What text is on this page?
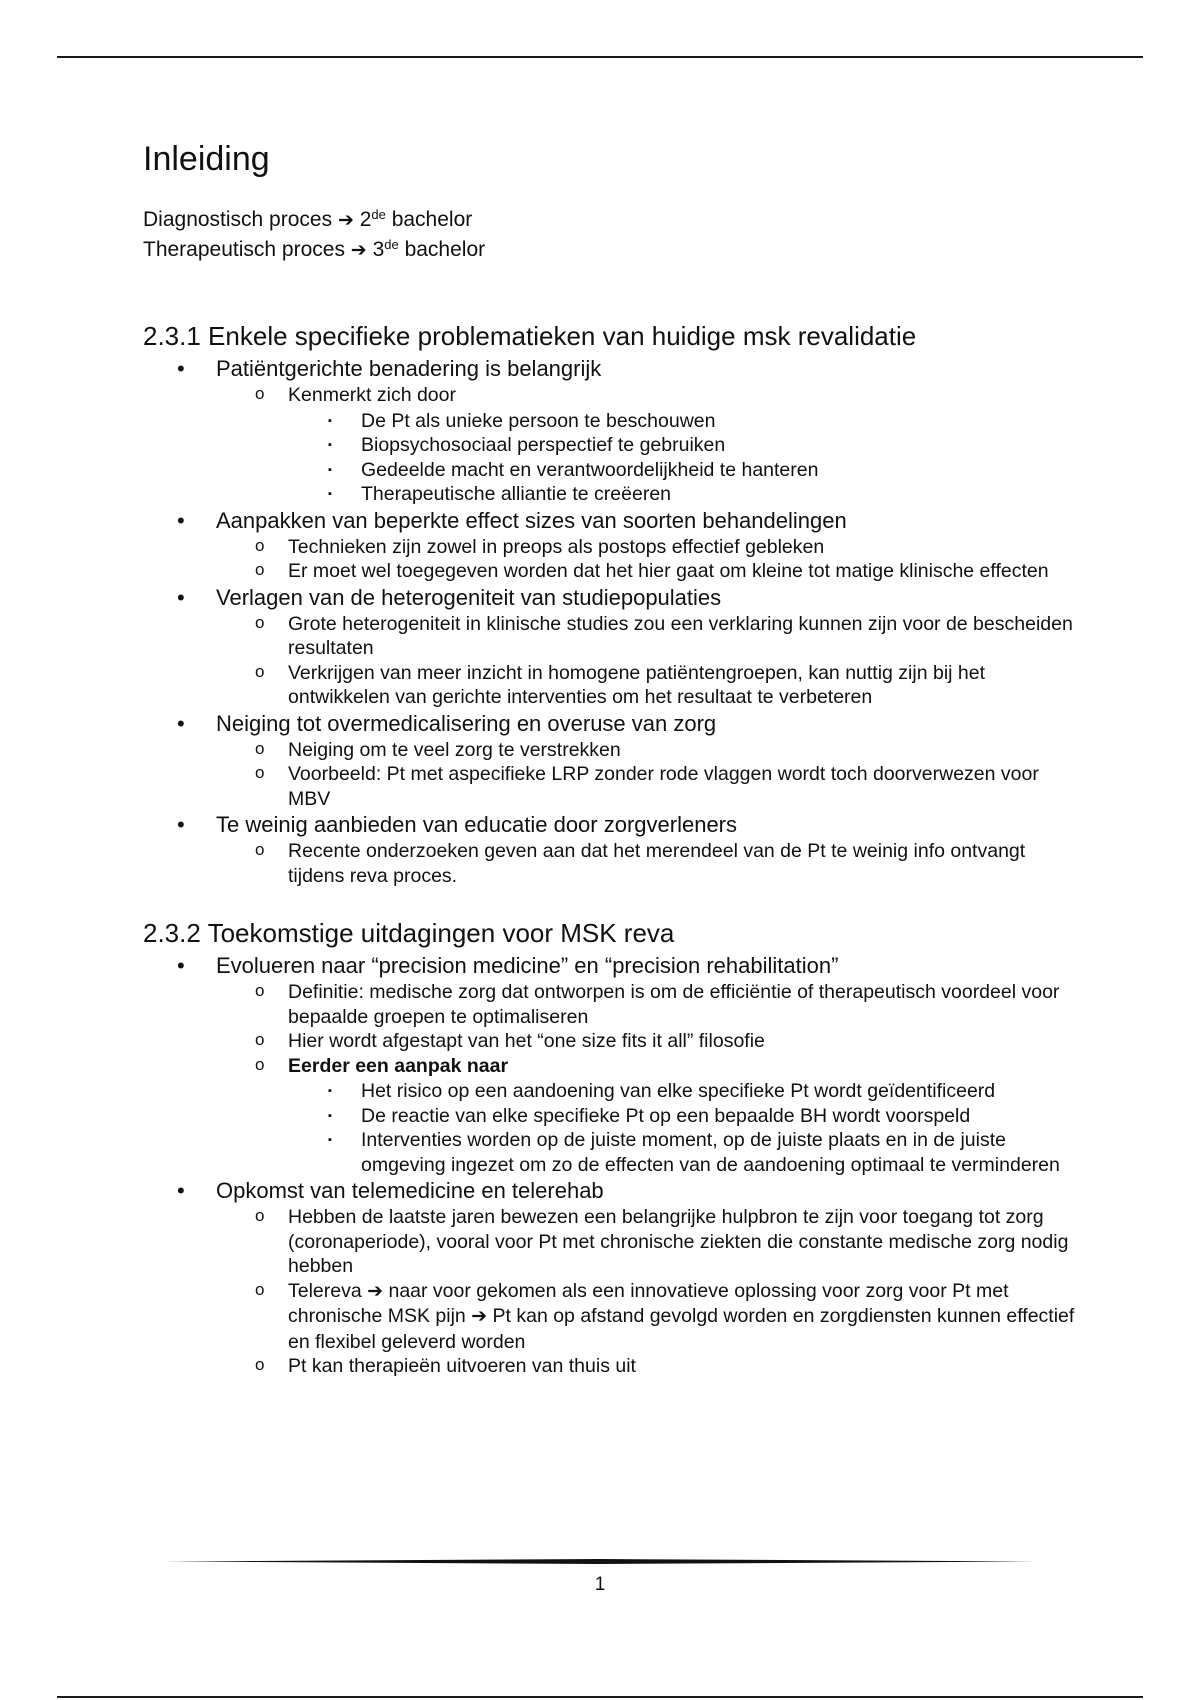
Inleiding

Diagnostisch proces ➔ 2de bachelor

Therapeutisch proces ➔ 3de bachelor

2.3.1 Enkele specifieke problematieken van huidige msk revalidatie
• Patiëntgerichte benadering is belangrijk
o Kenmerkt zich door
▪ De Pt als unieke persoon te beschouwen
▪ Biopsychosociaal perspectief te gebruiken
▪ Gedeelde macht en verantwoordelijkheid te hanteren
▪ Therapeutische alliantie te creëeren
• Aanpakken van beperkte effect sizes van soorten behandelingen
o Technieken zijn zowel in preops als postops effectief gebleken
o Er moet wel toegegeven worden dat het hier gaat om kleine tot matige klinische effecten
• Verlagen van de heterogeniteit van studiepopulaties
o Grote heterogeniteit in klinische studies zou een verklaring kunnen zijn voor de bescheiden resultaten
o Verkrijgen van meer inzicht in homogene patiëntengroepen, kan nuttig zijn bij het ontwikkelen van gerichte interventies om het resultaat te verbeteren
• Neiging tot overmedicalisering en overuse van zorg
o Neiging om te veel zorg te verstrekken
o Voorbeeld: Pt met aspecifieke LRP zonder rode vlaggen wordt toch doorverwezen voor MBV
• Te weinig aanbieden van educatie door zorgverleners
o Recente onderzoeken geven aan dat het merendeel van de Pt te weinig info ontvangt tijdens reva proces.
2.3.2 Toekomstige uitdagingen voor MSK reva
• Evolueren naar “precision medicine” en “precision rehabilitation”
o Definitie: medische zorg dat ontworpen is om de efficiëntie of therapeutisch voordeel voor bepaalde groepen te optimaliseren
o Hier wordt afgestapt van het “one size fits it all” filosofie
o Eerder een aanpak naar
▪ Het risico op een aandoening van elke specifieke Pt wordt geïdentificeerd
▪ De reactie van elke specifieke Pt op een bepaalde BH wordt voorspeld
▪ Interventies worden op de juiste moment, op de juiste plaats en in de juiste omgeving ingezet om zo de effecten van de aandoening optimaal te verminderen
• Opkomst van telemedicine en telerehab
o Hebben de laatste jaren bewezen een belangrijke hulpbron te zijn voor toegang tot zorg (coronaperiode), vooral voor Pt met chronische ziekten die constante medische zorg nodig hebben
o Telereva ➔ naar voor gekomen als een innovatieve oplossing voor zorg voor Pt met chronische MSK pijn ➔ Pt kan op afstand gevolgd worden en zorgdiensten kunnen effectief en flexibel geleverd worden
o Pt kan therapieën uitvoeren van thuis uit
1
